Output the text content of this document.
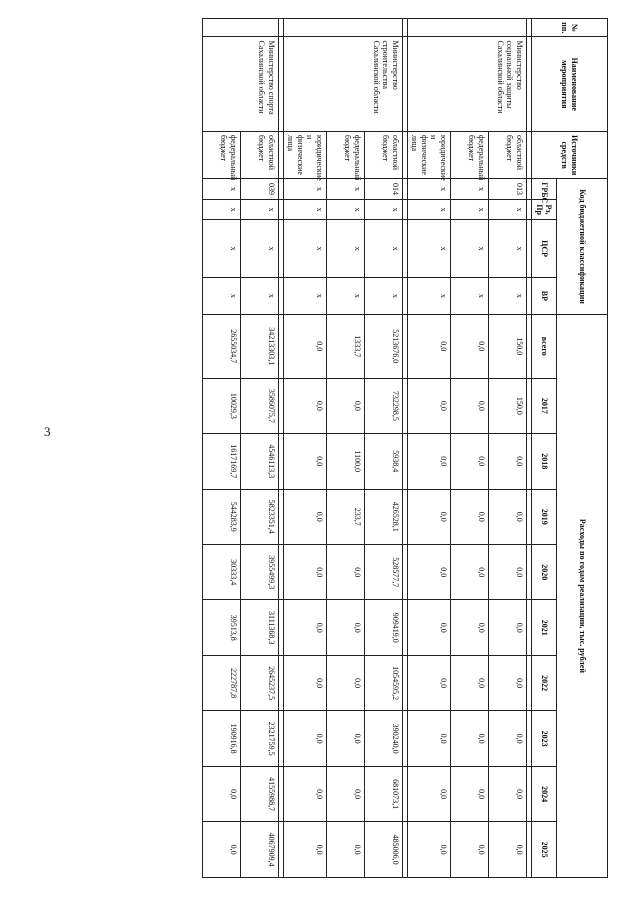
3
№ пп.	Наименование мероприятия	Источники средств	Код бюджетной классификации				Расходы по годам реализации, тыс. рублей									
			ГРБС	Рз, Пр	ЦСР	ВР	всего	2017	2018	2019	2020	2021	2022	2023	2024	2025

	Министерство социальной защиты Сахалинской области	областной бюджет	013	x	x	x	150,0	150,0	0,0	0,0	0,0	0,0	0,0	0,0	0,0	0,0
		федеральный бюджет	x	x	x	x	0,0	0,0	0,0	0,0	0,0	0,0	0,0	0,0	0,0	0,0
		юридические и физические лица	x	x	x	x	0,0	0,0	0,0	0,0	0,0	0,0	0,0	0,0	0,0	0,0

	Министерство строительства Сахалинской области	областной бюджет	014	x	x	x	5213676,0	732298,5	5938,4	426528,1	528577,7	909419,0	1054595,2	390240,0	681073,1	485006,0
		федеральный бюджет	x	x	x	x	1333,7	0,0	1100,0	233,7	0,0	0,0	0,0	0,0	0,0	0,0
		юридические и физические лица	x	x	x	x	0,0	0,0	0,0	0,0	0,0	0,0	0,0	0,0	0,0	0,0

	Министерство спорта Сахалинской области	областной бюджет	039	x	x	x	34213303,1	3586075,7	4546113,3	5823351,4	3955499,3	3111368,3	2645237,5	2321759,5	4155988,7	4067909,4
		федеральный бюджет	x	x	x	x	2655034,7	10029,3	1617169,7	544283,9	30333,4	39513,8	222787,8	190916,8	0,0	0,0
